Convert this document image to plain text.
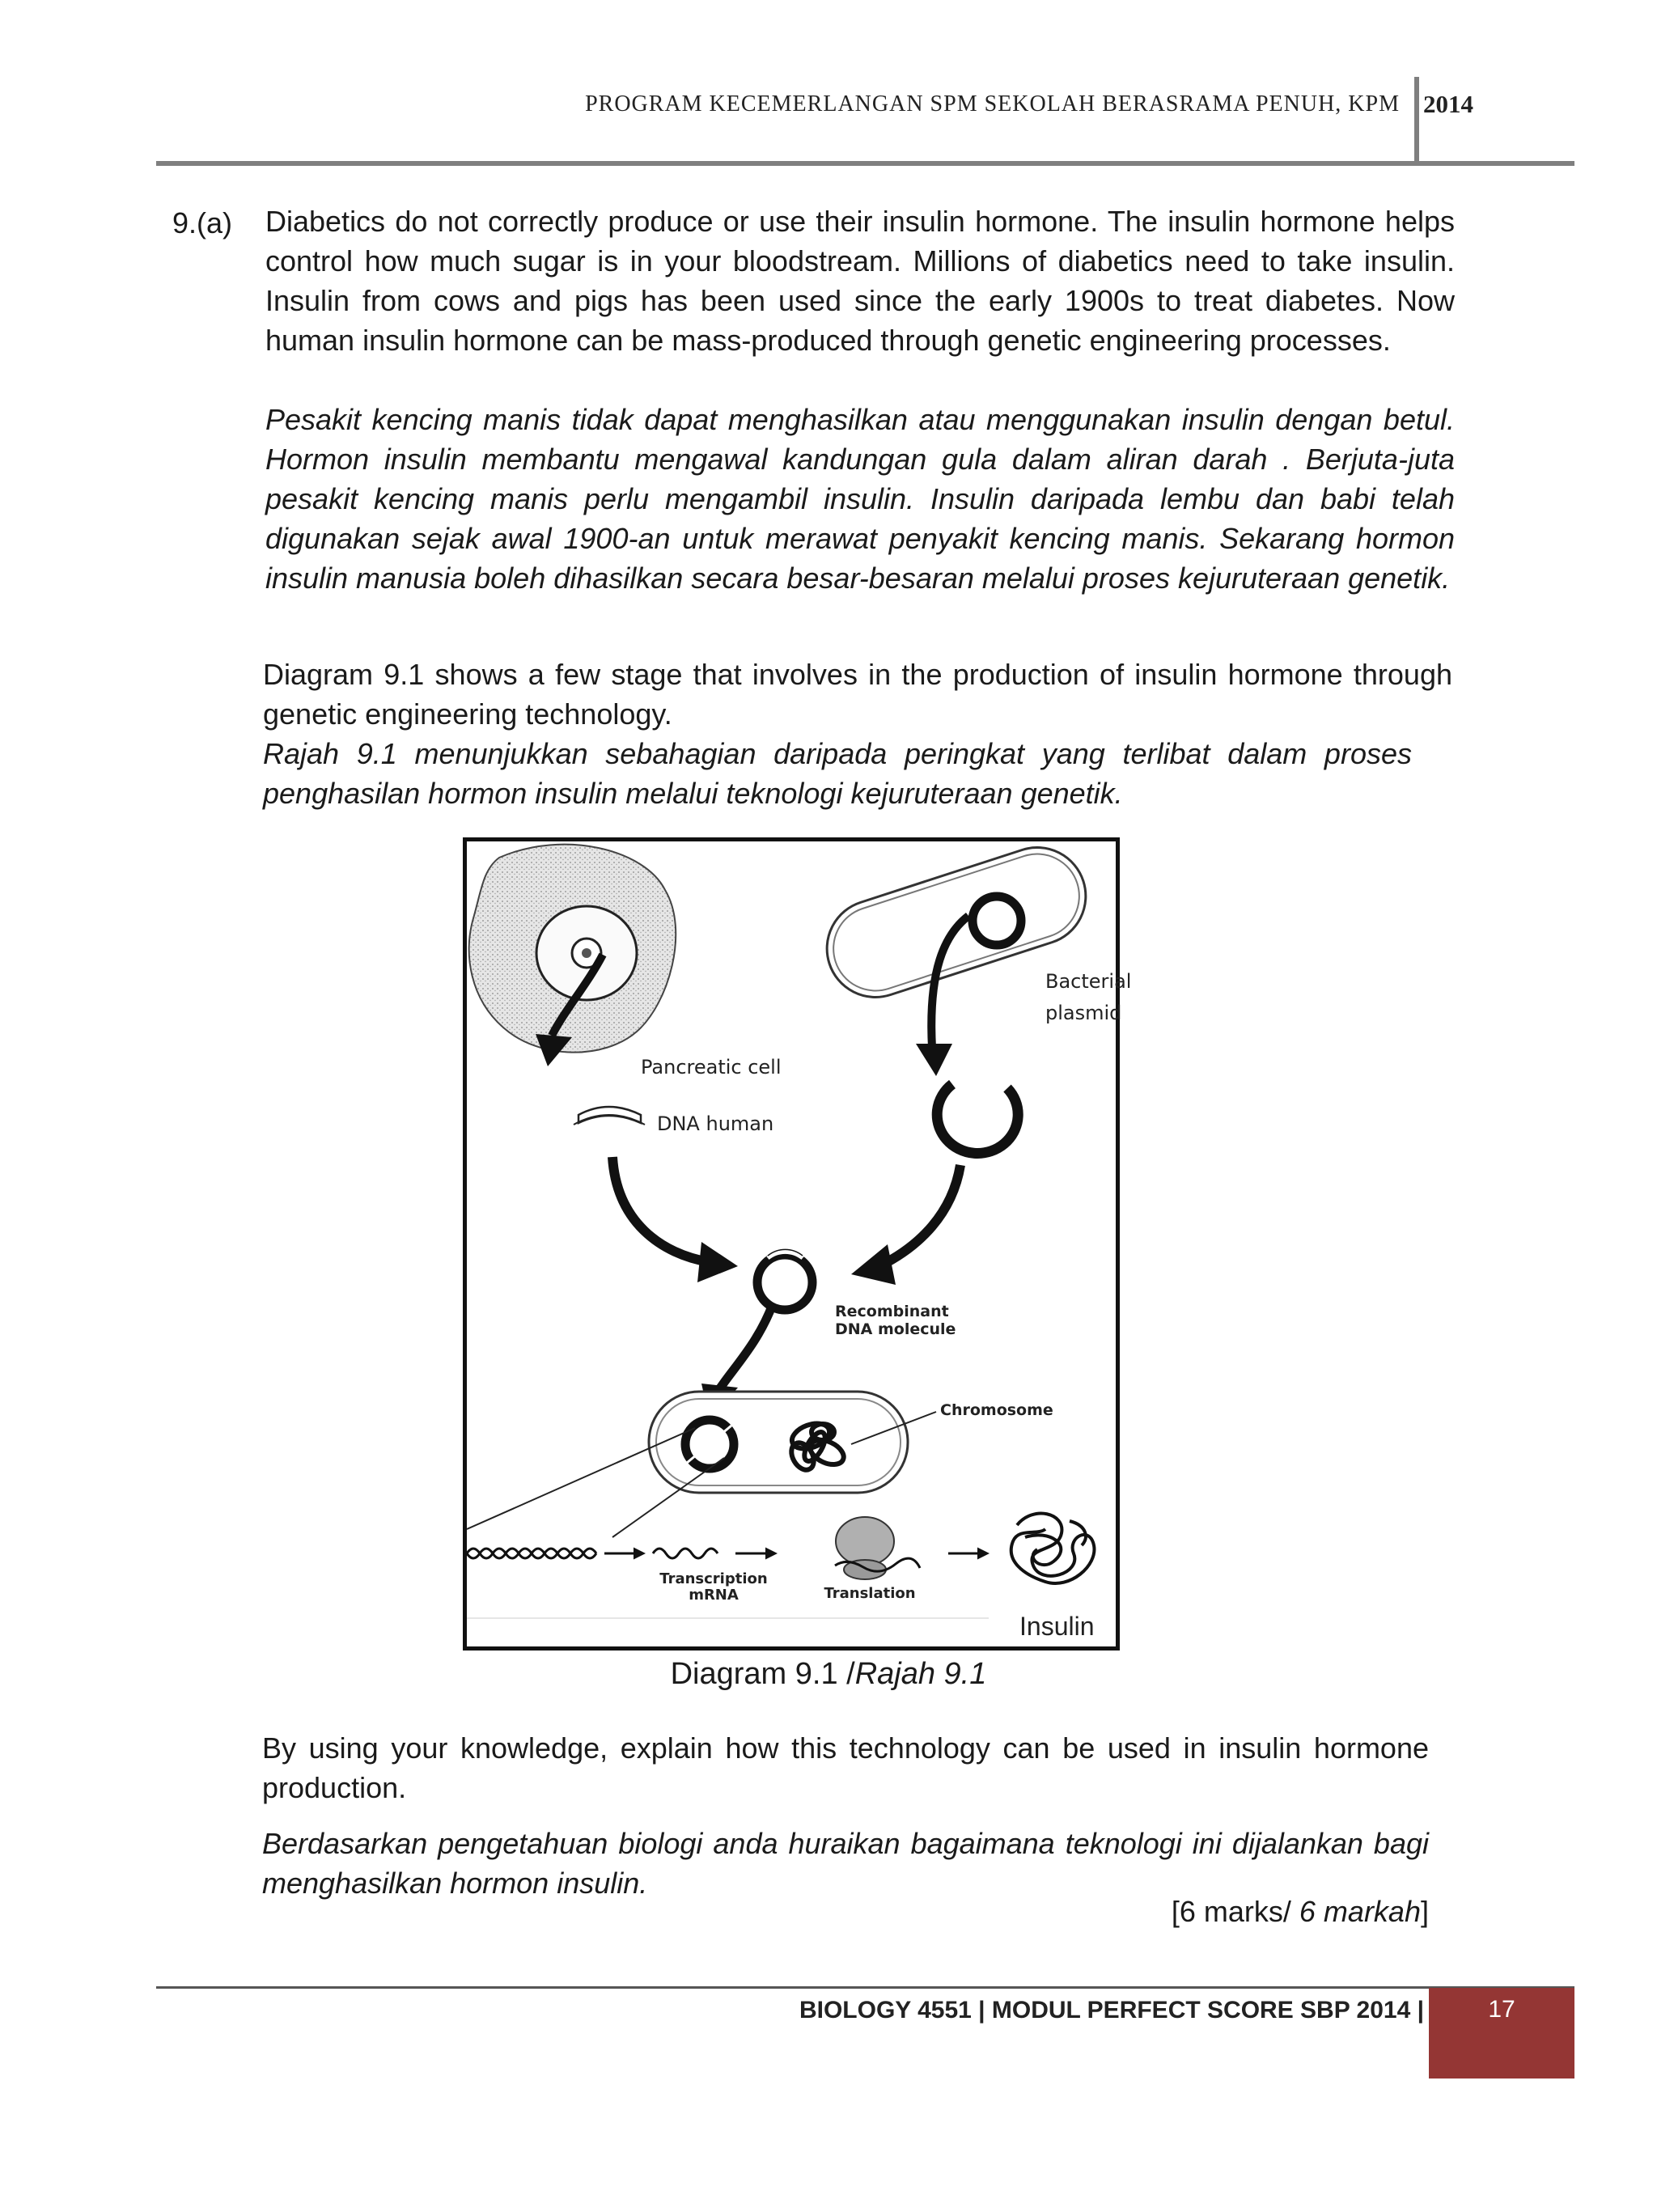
PROGRAM KECEMERLANGAN SPM SEKOLAH BERASRAMA PENUH, KPM 2014
9.(a) Diabetics do not correctly produce or use their insulin hormone. The insulin hormone helps control how much sugar is in your bloodstream. Millions of diabetics need to take insulin. Insulin from cows and pigs has been used since the early 1900s to treat diabetes. Now human insulin hormone can be mass-produced through genetic engineering processes.
Pesakit kencing manis tidak dapat menghasilkan atau menggunakan insulin dengan betul. Hormon insulin membantu mengawal kandungan gula dalam aliran darah . Berjuta-juta pesakit kencing manis perlu mengambil insulin. Insulin daripada lembu dan babi telah digunakan sejak awal 1900-an untuk merawat penyakit kencing manis. Sekarang hormon insulin manusia boleh dihasilkan secara besar-besaran melalui proses kejuruteraan genetik.
Diagram 9.1 shows a few stage that involves in the production of insulin hormone through genetic engineering technology.
Rajah 9.1 menunjukkan sebahagian daripada peringkat yang terlibat dalam proses penghasilan hormon insulin melalui teknologi kejuruteraan genetik.
Pancreatic cell
DNA human
Bacterial
plasmid
Recombinant
DNA molecule
Chromosome
Transcription
mRNA	Translation
Insulin
Diagram 9.1 /Rajah 9.1
By using your knowledge, explain how this technology can be used in insulin hormone production.
Berdasarkan pengetahuan biologi anda huraikan bagaimana teknologi ini dijalankan bagi menghasilkan hormon insulin.
[6 marks/ 6 markah]
BIOLOGY 4551 | MODUL PERFECT SCORE SBP 2014 |	17
